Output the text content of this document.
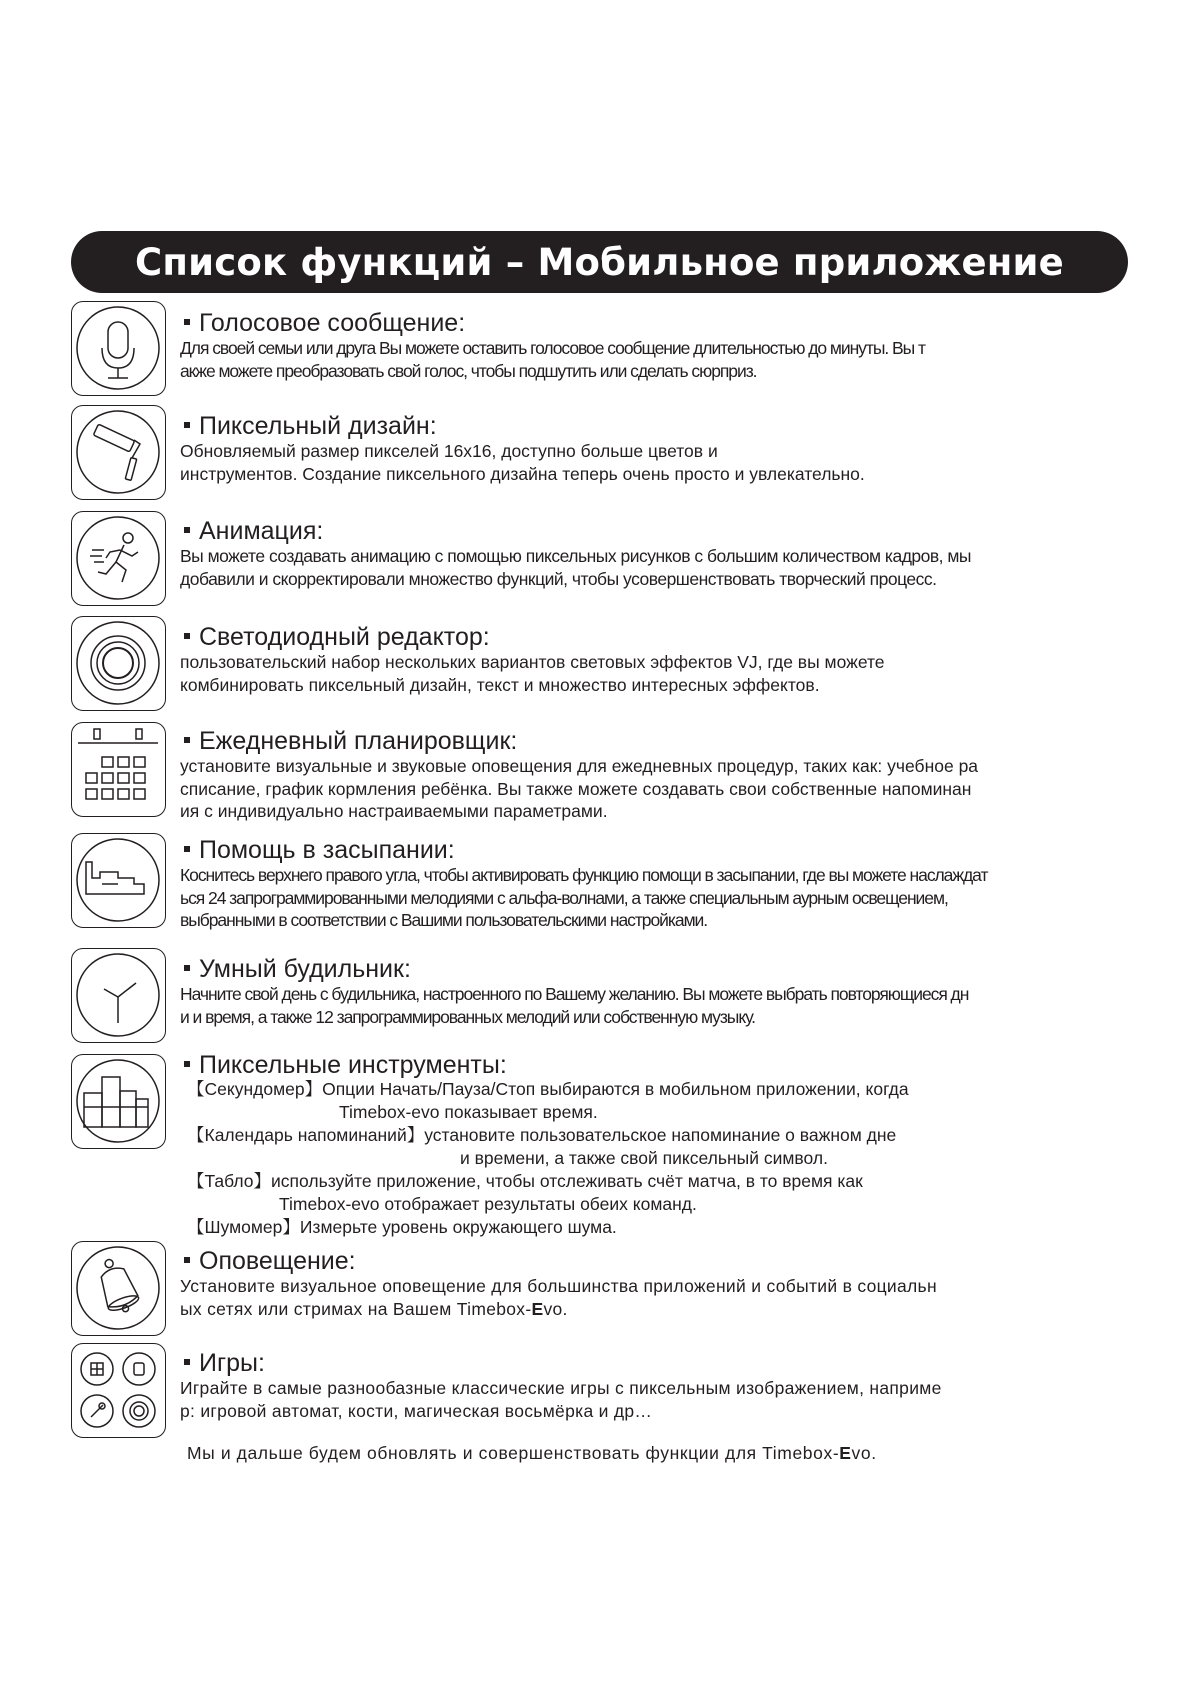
Список функций – Мобильное приложение
Голосовое сообщение:
Для своей семьи или друга Вы можете оставить голосовое сообщение длительностью до минуты. Вы т
акже можете преобразовать свой голос, чтобы подшутить или сделать сюрприз.
Пиксельный дизайн:
Обновляемый размер пикселей 16x16, доступно больше цветов и
инструментов. Создание пиксельного дизайна теперь очень просто и увлекательно.
Анимация:
Вы можете создавать анимацию с помощью пиксельных рисунков с большим количеством кадров, мы
добавили и скорректировали множество функций, чтобы усовершенствовать творческий процесс.
Светодиодный редактор:
пользовательский набор нескольких вариантов световых эффектов VJ, где вы можете
комбинировать пиксельный дизайн, текст и множество интересных эффектов.
Ежедневный планировщик:
установите визуальные и звуковые оповещения для ежедневных процедур, таких как: учебное ра
списание, график кормления ребёнка. Вы также можете создавать свои собственные напоминан
ия с индивидуально настраиваемыми параметрами.
Помощь в засыпании:
Коснитесь верхнего правого угла, чтобы активировать функцию помощи в засыпании, где вы можете наслаждат
ься 24 запрограммированными мелодиями с альфа-волнами, а также специальным аурным освещением,
выбранными в соответствии с Вашими пользовательскими настройками.
Умный будильник:
Начните свой день с будильника, настроенного по Вашему желанию. Вы можете выбрать повторяющиеся дн
и и время, а также 12 запрограммированных мелодий или собственную музыку.
Пиксельные инструменты:
【Секундомер】Опции Начать/Пауза/Стоп выбираются в мобильном приложении, когда
Timebox-evo показывает время.
【Календарь напоминаний】установите пользовательское напоминание о важном дне
и времени, а также свой пиксельный символ.
【Табло】используйте приложение, чтобы отслеживать счёт матча, в то время как
Timebox-evo отображает результаты обеих команд.
【Шумомер】Измерьте уровень окружающего шума.
Оповещение:
Установите визуальное оповещение для большинства приложений и событий в социальн
ых сетях или стримах на Вашем Timebox-Evo.
Игры:
Играйте в самые разнообазные классические игры с пиксельным изображением, наприме
р: игровой автомат, кости, магическая восьмёрка и др…
Мы и дальше будем обновлять и совершенствовать функции для Timebox-Evo.
